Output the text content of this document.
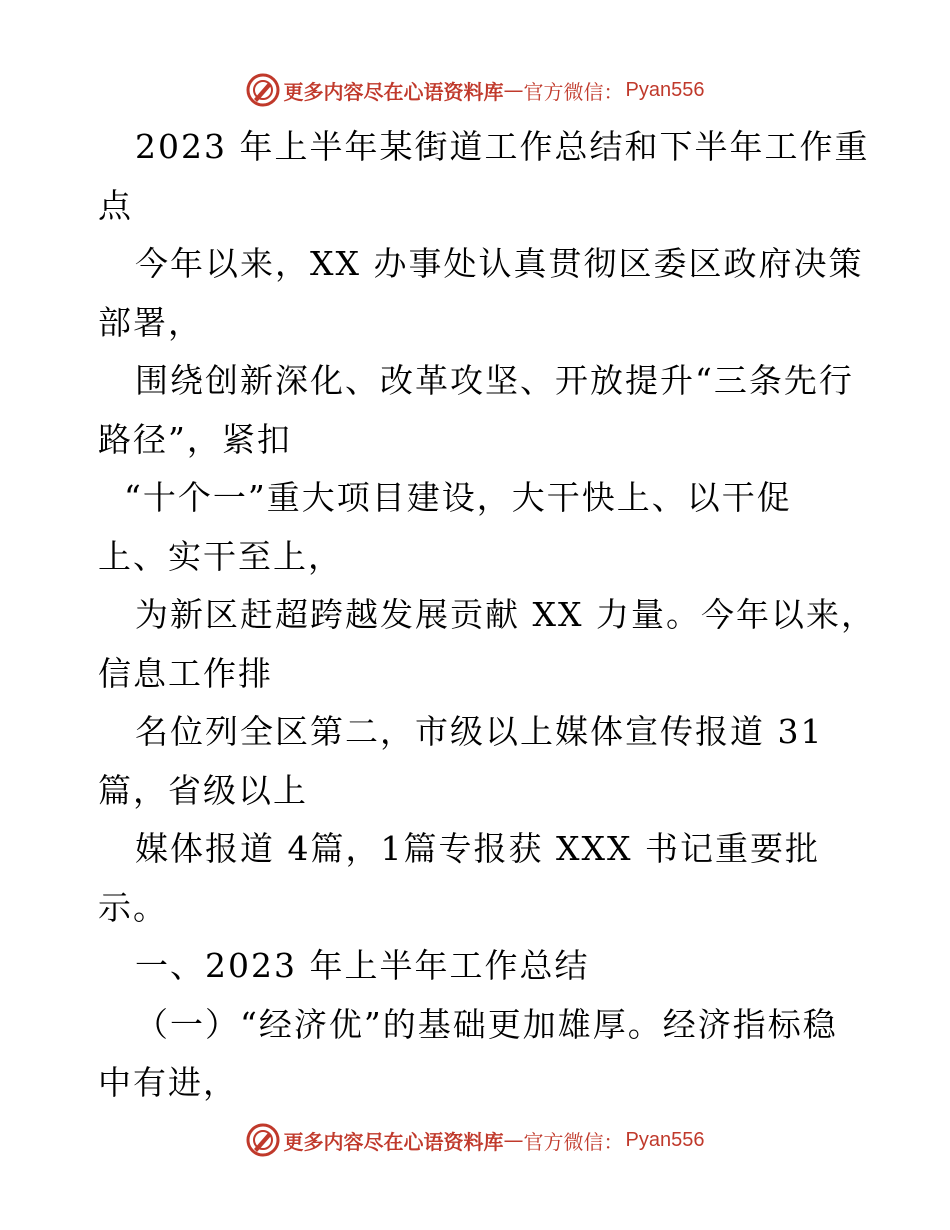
更多内容尽在心语资料库 — 官方微信： Pyan556
2023 年上半年某街道工作总结和下半年工作重
点
今年以来，XX 办事处认真贯彻区委区政府决策
部署，
围绕创新深化、改革攻坚、开放提升“三条先行
路径”，紧扣
“十个一”重大项目建设，大干快上、以干促
上、实干至上，
为新区赶超跨越发展贡献 XX 力量。今年以来，
信息工作排
名位列全区第二，市级以上媒体宣传报道 31
篇，省级以上
媒体报道 4篇，1篇专报获 XXX 书记重要批
示。
一、2023 年上半年工作总结
（一）“经济优”的基础更加雄厚。经济指标稳
中有进，
更多内容尽在心语资料库 — 官方微信： Pyan556
